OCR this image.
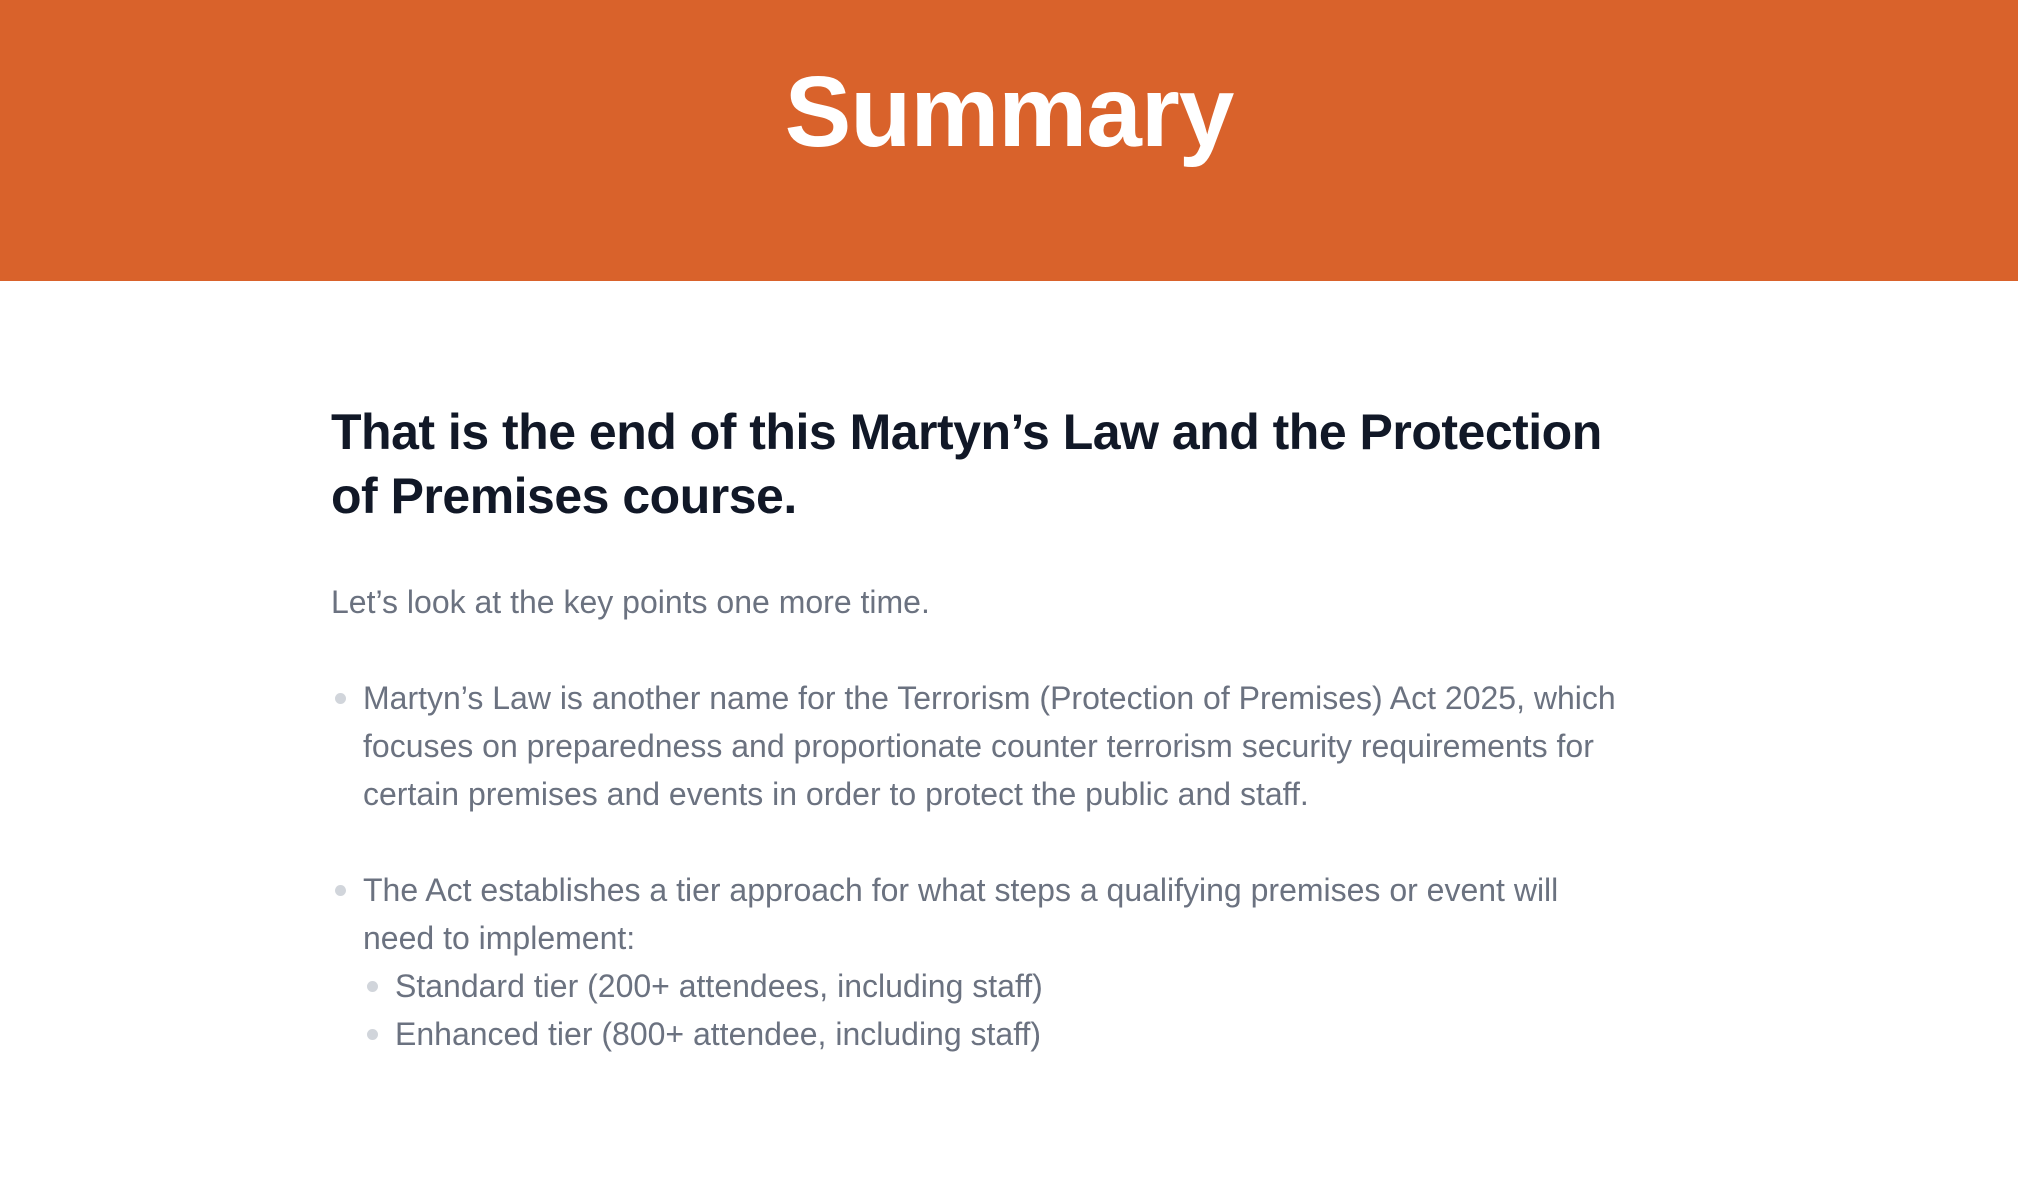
Summary
That is the end of this Martyn’s Law and the Protection of Premises course.

Let’s look at the key points one more time.

Martyn’s Law is another name for the Terrorism (Protection of Premises) Act 2025, which focuses on preparedness and proportionate counter terrorism security requirements for certain premises and events in order to protect the public and staff.
The Act establishes a tier approach for what steps a qualifying premises or event will need to implement:
Standard tier (200+ attendees, including staff)
Enhanced tier (800+ attendee, including staff)
